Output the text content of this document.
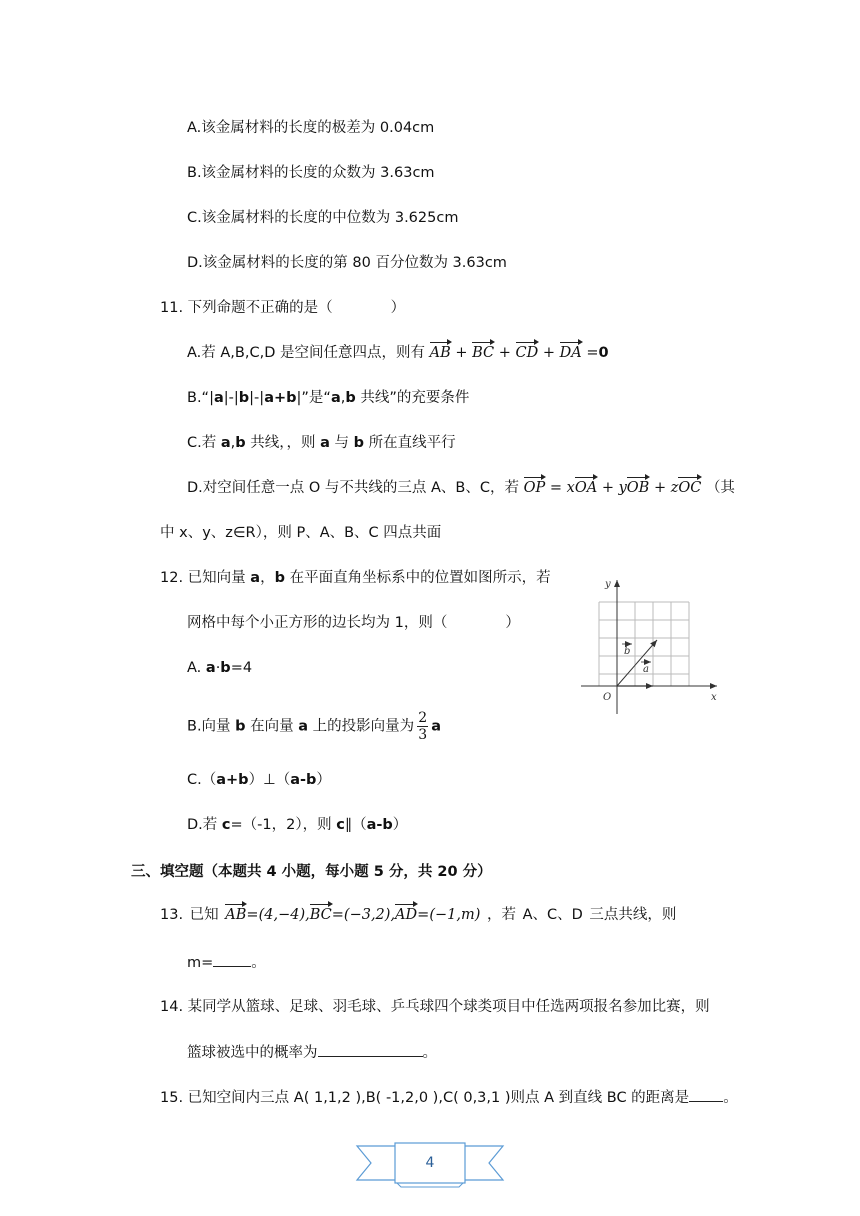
A.该金属材料的长度的极差为 0.04cm
B.该金属材料的长度的众数为 3.63cm
C.该金属材料的长度的中位数为 3.625cm
D.该金属材料的长度的第 80 百分位数为 3.63cm
11. 下列命题不正确的是（　　　　）
A.若 A,B,C,D 是空间任意四点，则有 AB + BC + CD + DA =0
B.“|a|-|b|-|a+b|”是“a,b 共线”的充要条件
C.若 a,b 共线，，则 a 与 b 所在直线平行
D.对空间任意一点 O 与不共线的三点 A、B、C，若 OP = xOA + yOB + zOC （其
中 x、y、z∈R），则 P、A、B、C 四点共面
12. 已知向量 a，b 在平面直角坐标系中的位置如图所示，若
网格中每个小正方形的边长均为 1，则（　　　　）
A. a·b=4
B.向量 b 在向量 a 上的投影向量为 $\frac{2}{3}$ a
C.（a+b）⊥（a-b）
D.若 c=（-1，2），则 c∥（a-b）
x
y
O
b
a
三、填空题（本题共 4 小题，每小题 5 分，共 20 分）
13. 已知 AB=(4,−4),BC=(−3,2),AD=(−1,m) ，若 A、C、D 三点共线，则
m=	。
14. 某同学从篮球、足球、羽毛球、乒乓球四个球类项目中任选两项报名参加比赛，则
篮球被选中的概率为	。
15. 已知空间内三点 A( 1,1,2 ),B( -1,2,0 ),C( 0,3,1 )则点 A 到直线 BC 的距离是 。
4
